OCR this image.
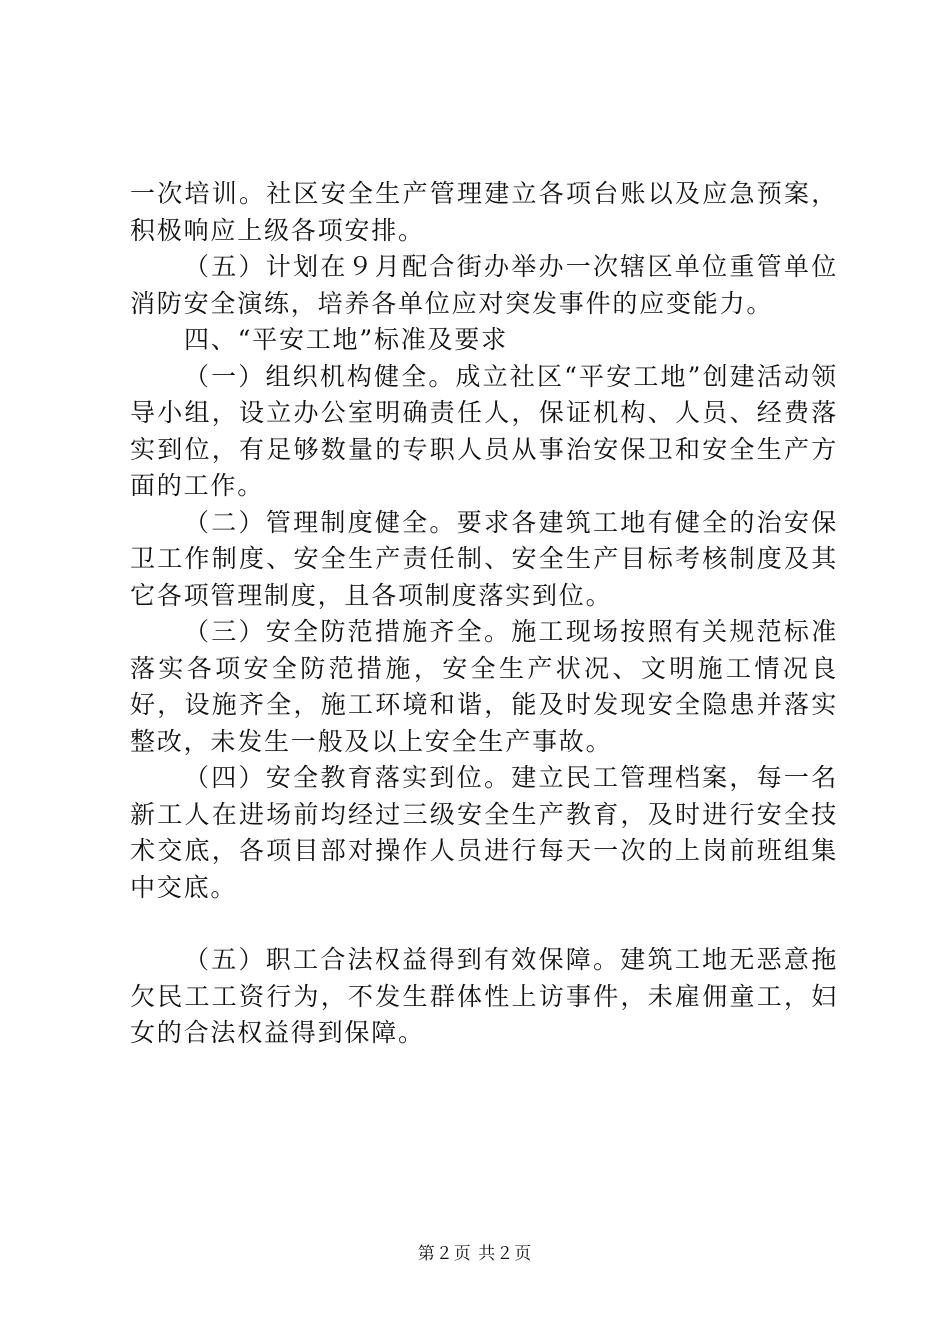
一次培训。社区安全生产管理建立各项台账以及应急预案，积极响应上级各项安排。

（五）计划在９月配合街办举办一次辖区单位重管单位消防安全演练，培养各单位应对突发事件的应变能力。

四、“平安工地”标准及要求

（一）组织机构健全。成立社区“平安工地”创建活动领导小组，设立办公室明确责任人，保证机构、人员、经费落实到位，有足够数量的专职人员从事治安保卫和安全生产方面的工作。

（二）管理制度健全。要求各建筑工地有健全的治安保卫工作制度、安全生产责任制、安全生产目标考核制度及其它各项管理制度，且各项制度落实到位。

（三）安全防范措施齐全。施工现场按照有关规范标准落实各项安全防范措施，安全生产状况、文明施工情况良好，设施齐全，施工环境和谐，能及时发现安全隐患并落实整改，未发生一般及以上安全生产事故。

（四）安全教育落实到位。建立民工管理档案，每一名新工人在进场前均经过三级安全生产教育，及时进行安全技术交底，各项目部对操作人员进行每天一次的上岗前班组集中交底。

（五）职工合法权益得到有效保障。建筑工地无恶意拖欠民工工资行为，不发生群体性上访事件，未雇佣童工，妇女的合法权益得到保障。

第２页 共２页
